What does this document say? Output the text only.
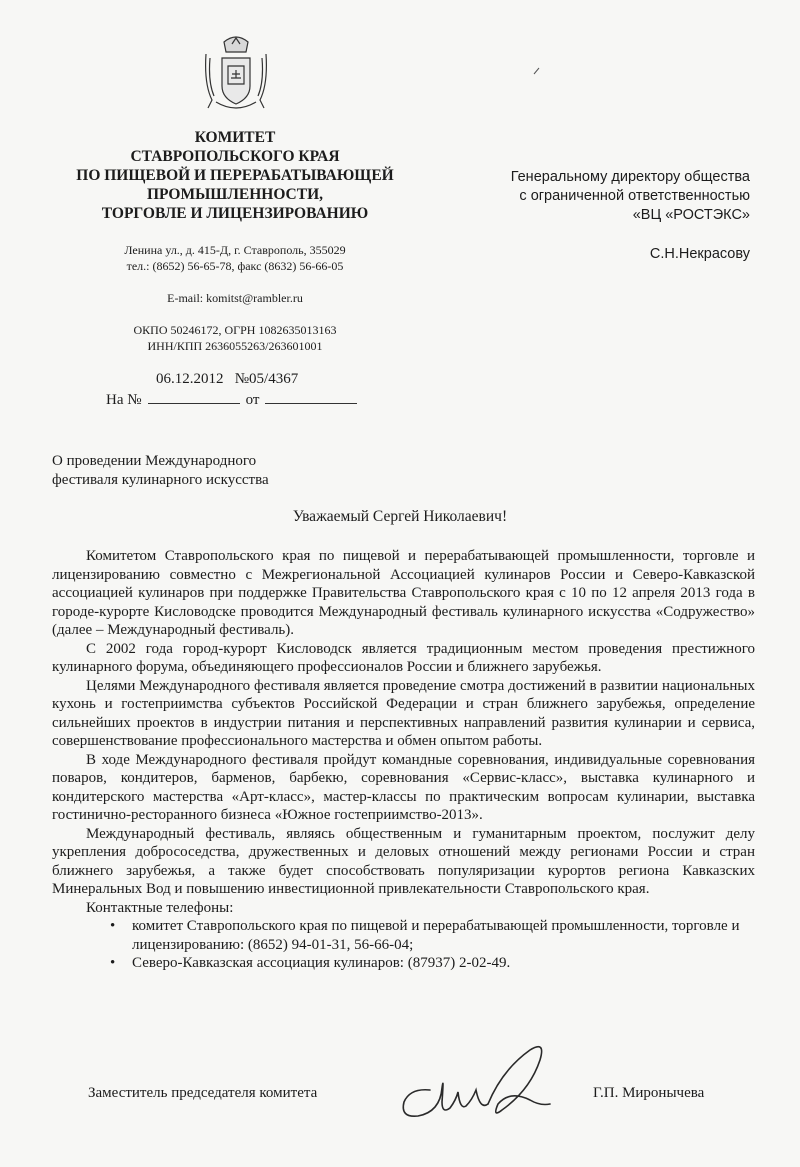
КОМИТЕТ
СТАВРОПОЛЬСКОГО КРАЯ
ПО ПИЩЕВОЙ И ПЕРЕРАБАТЫВАЮЩЕЙ
ПРОМЫШЛЕННОСТИ,
ТОРГОВЛЕ И ЛИЦЕНЗИРОВАНИЮ
Ленина ул., д. 415-Д, г. Ставрополь, 355029
тел.: (8652) 56-65-78, факс (8632) 56-66-05
E-mail: komitst@rambler.ru
ОКПО 50246172, ОГРН 1082635013163
ИНН/КПП 2636055263/263601001
06.12.2012   №05/4367
На №	от
Генеральному директору общества
с ограниченной ответственностью
«ВЦ «РОСТЭКС»
С.Н.Некрасову
О проведении Международного
фестиваля кулинарного искусства
Уважаемый Сергей Николаевич!

Комитетом Ставропольского края по пищевой и перерабатывающей промышленности, торговле и лицензированию совместно с Межрегиональной Ассоциацией кулинаров России и Северо-Кавказской ассоциацией кулинаров при поддержке Правительства Ставропольского края с 10 по 12 апреля 2013 года в городе-курорте Кисловодске проводится Международный фестиваль кулинарного искусства «Содружество» (далее – Международный фестиваль).

С 2002 года город-курорт Кисловодск является традиционным местом проведения престижного кулинарного форума, объединяющего профессионалов России и ближнего зарубежья.

Целями Международного фестиваля является проведение смотра достижений в развитии национальных кухонь и гостеприимства субъектов Российской Федерации и стран ближнего зарубежья, определение сильнейших проектов в индустрии питания и перспективных направлений развития кулинарии и сервиса, совершенствование профессионального мастерства и обмен опытом работы.

В ходе Международного фестиваля пройдут командные соревнования, индивидуальные соревнования поваров, кондитеров, барменов, барбекю, соревнования «Сервис-класс», выставка кулинарного и кондитерского мастерства «Арт-класс», мастер-классы по практическим вопросам кулинарии, выставка гостинично-ресторанного бизнеса «Южное гостеприимство-2013».

Международный фестиваль, являясь общественным и гуманитарным проектом, послужит делу укрепления добрососедства, дружественных и деловых отношений между регионами России и стран ближнего зарубежья, а также будет способствовать популяризации курортов региона Кавказских Минеральных Вод и повышению инвестиционной привлекательности Ставропольского края.

Контактные телефоны:
• комитет Ставропольского края по пищевой и перерабатывающей промышленности, торговле и лицензированию: (8652) 94-01-31, 56-66-04;
• Северо-Кавказская ассоциация кулинаров: (87937) 2-02-49.
Заместитель председателя комитета	Г.П. Миронычева
